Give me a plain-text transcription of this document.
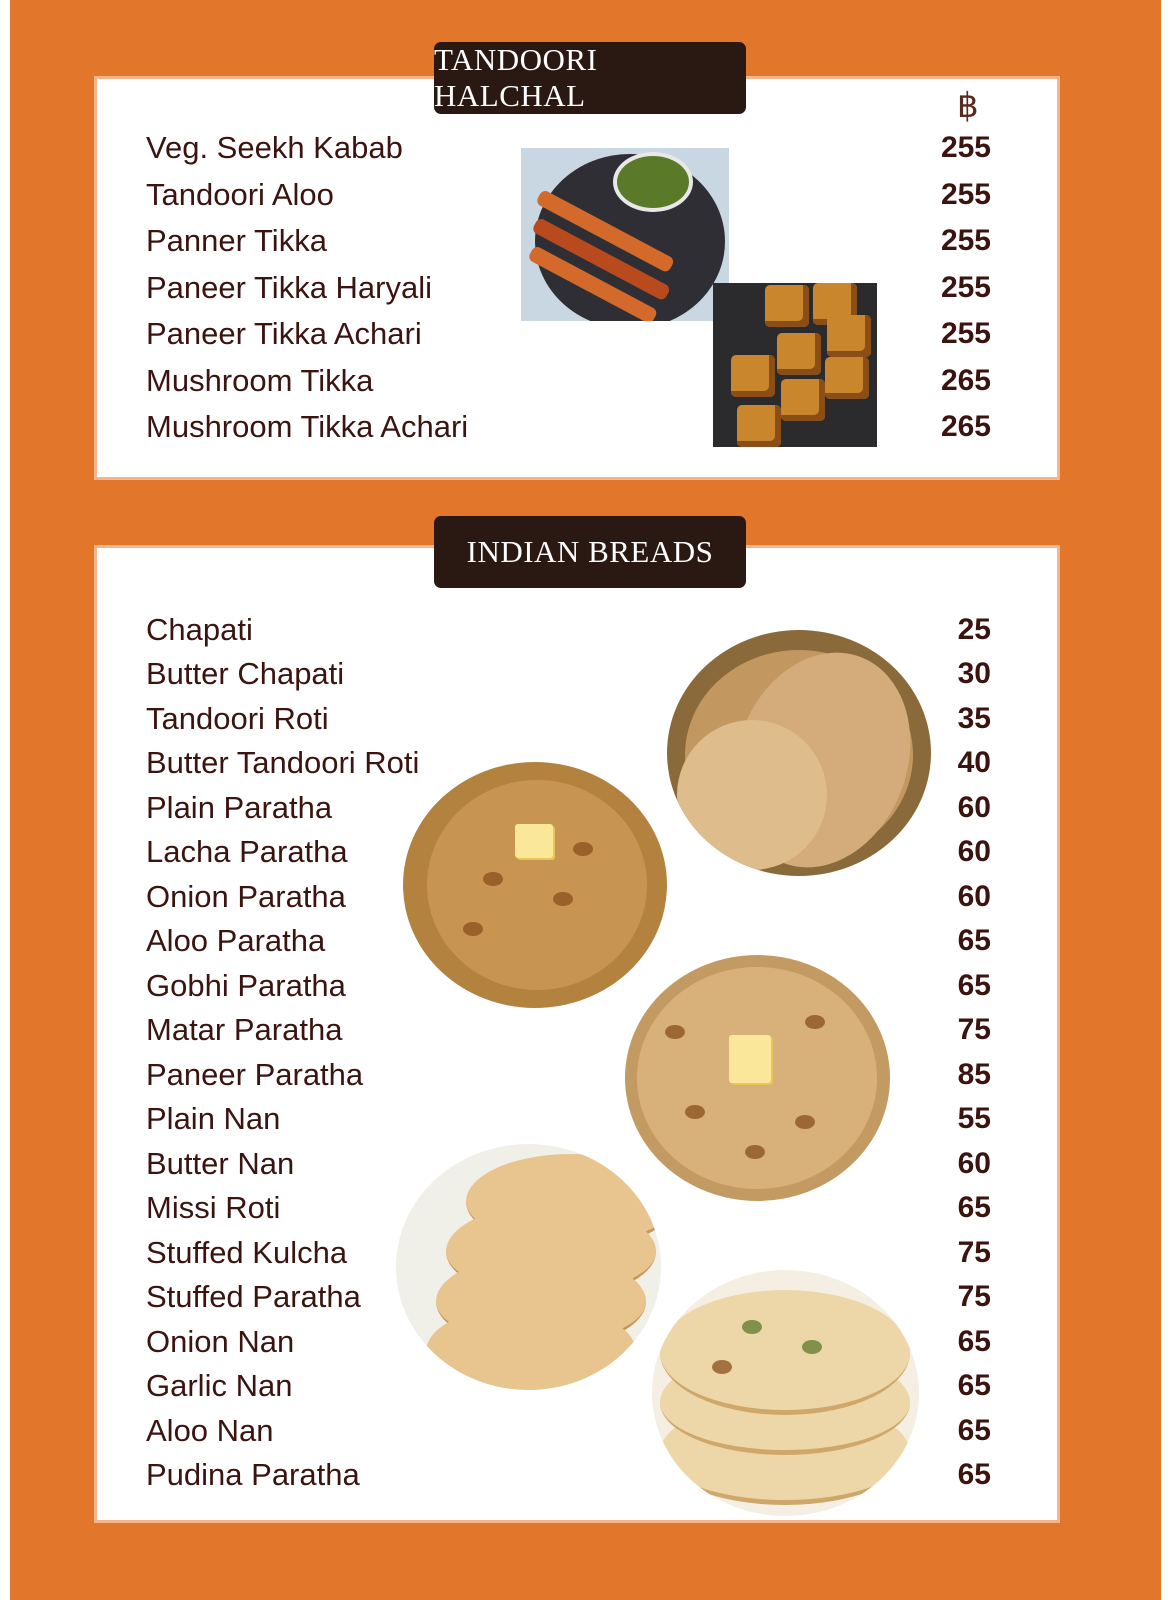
TANDOORI HALCHAL
INDIAN BREADS
฿
Veg. Seekh Kabab	255
Tandoori Aloo	255
Panner Tikka	255
Paneer Tikka Haryali	255
Paneer Tikka Achari	255
Mushroom Tikka	265
Mushroom Tikka Achari	265
Chapati	25
Butter Chapati	30
Tandoori Roti	35
Butter Tandoori Roti	40
Plain Paratha	60
Lacha Paratha	60
Onion Paratha	60
Aloo Paratha	65
Gobhi Paratha	65
Matar Paratha	75
Paneer Paratha	85
Plain Nan	55
Butter Nan	60
Missi Roti	65
Stuffed Kulcha	75
Stuffed Paratha	75
Onion Nan	65
Garlic Nan	65
Aloo Nan	65
Pudina Paratha	65
